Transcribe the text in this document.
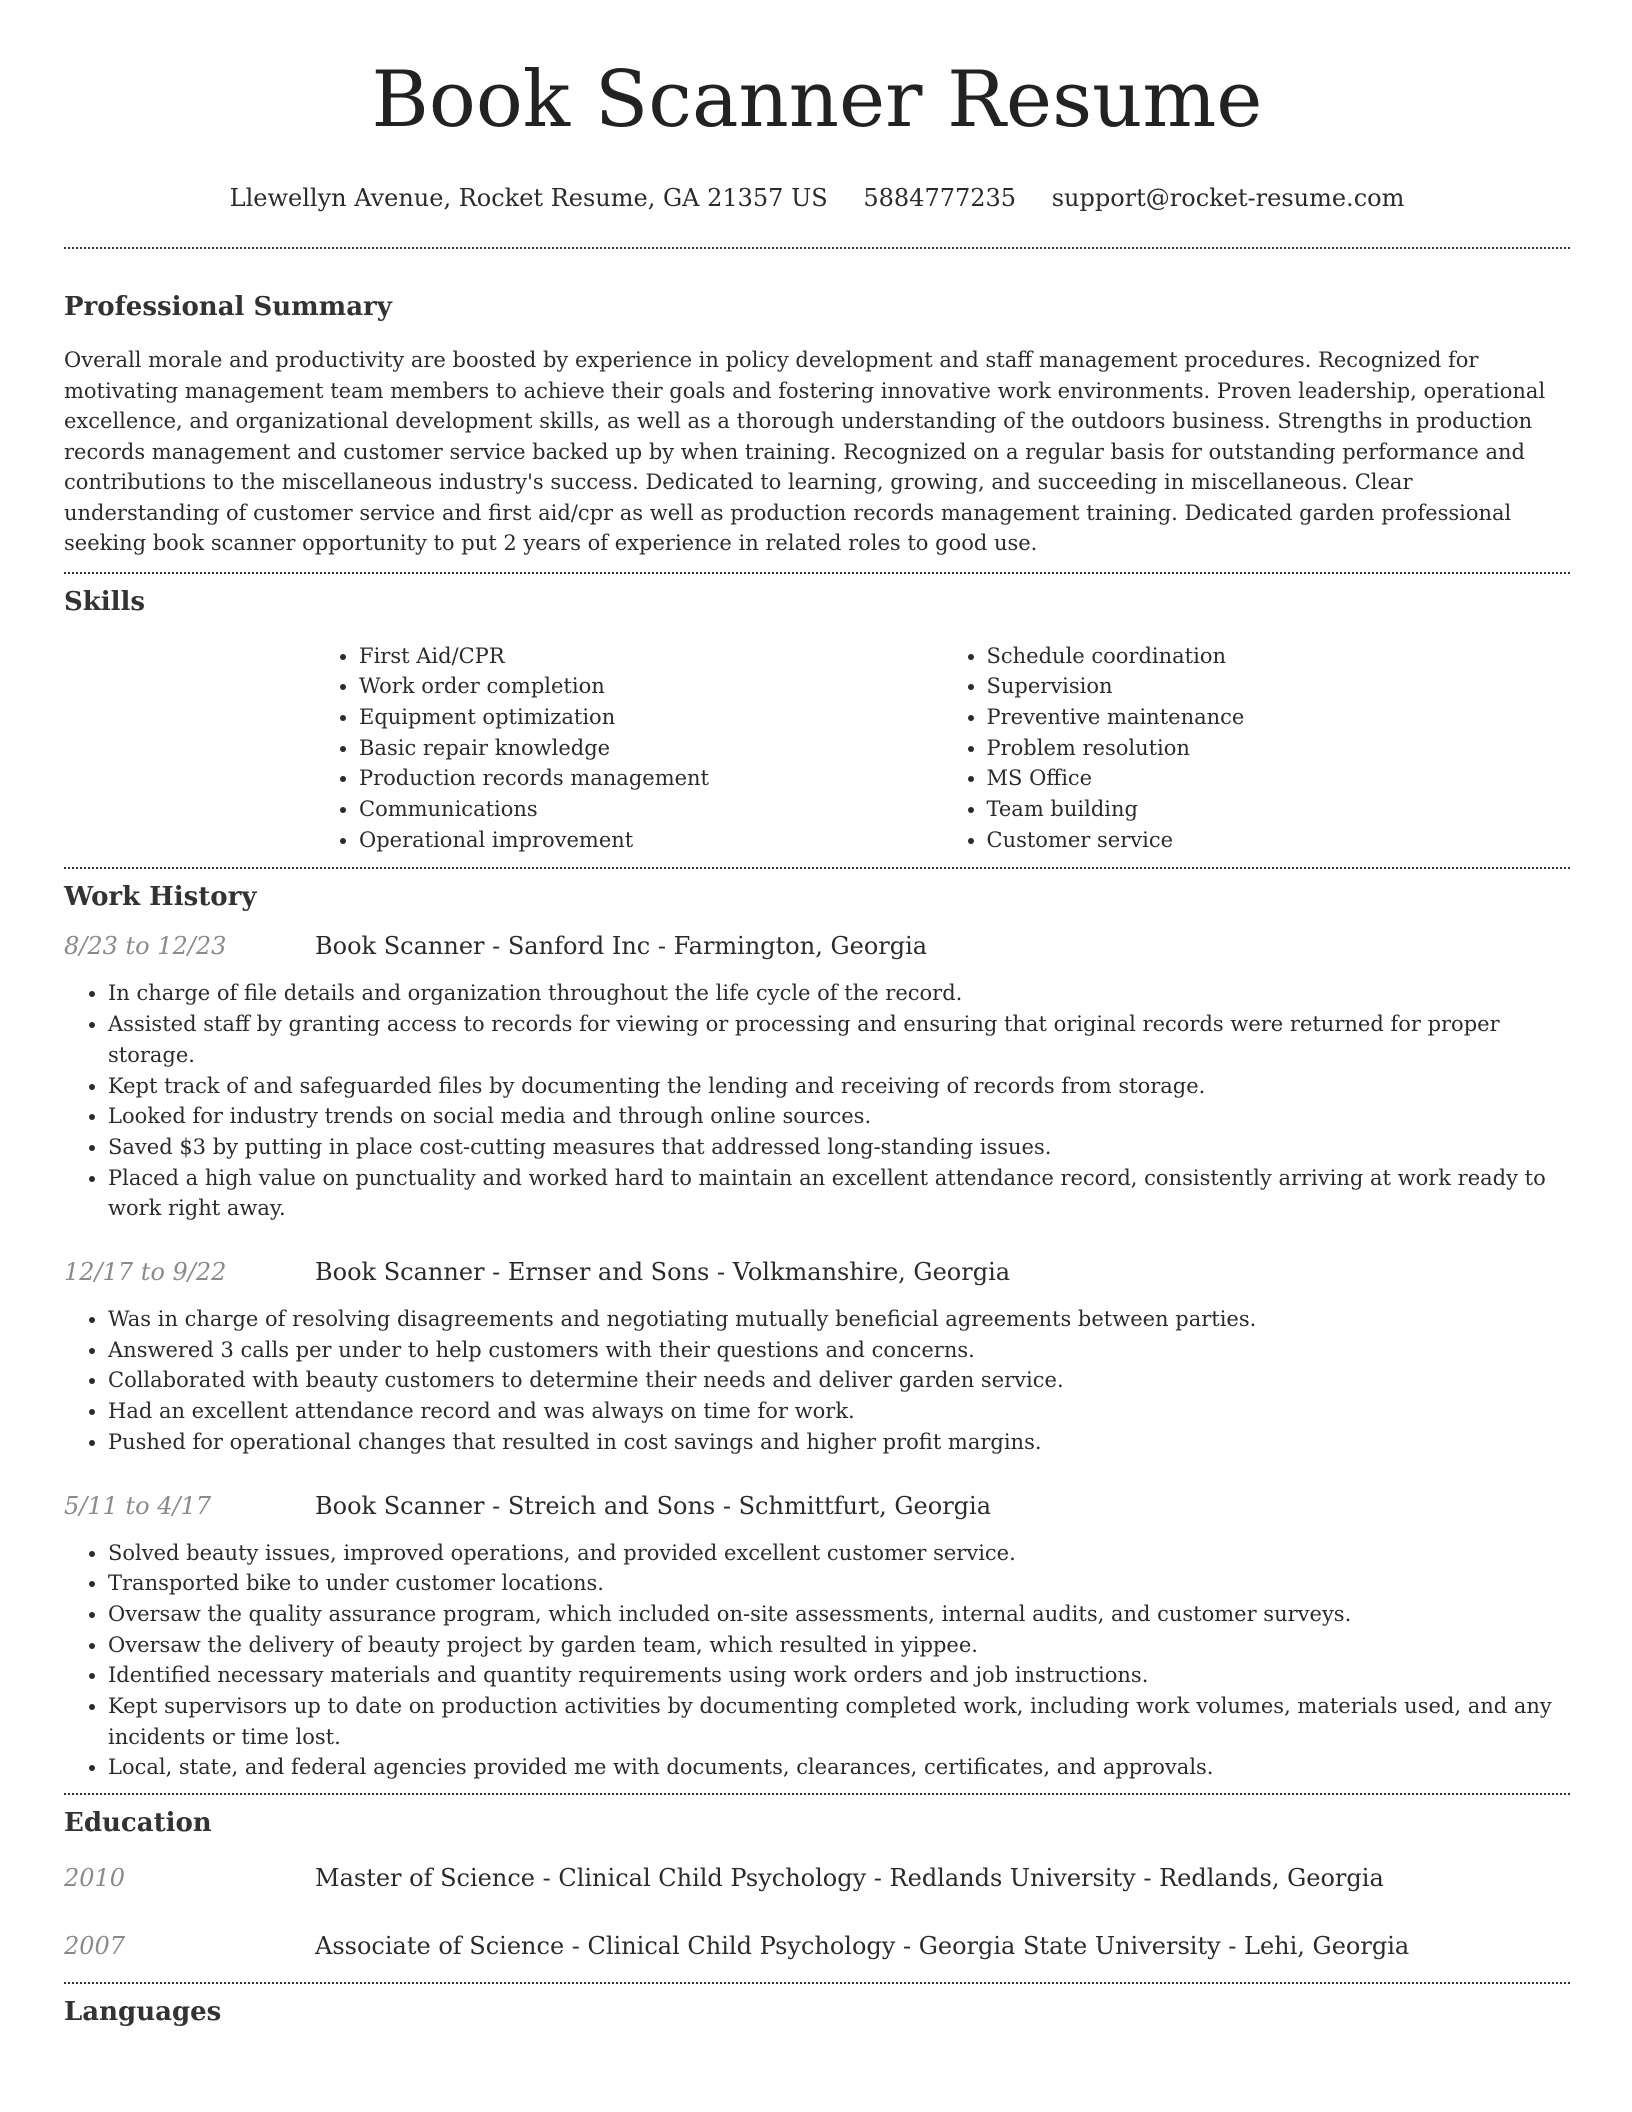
Book Scanner Resume
Llewellyn Avenue, Rocket Resume, GA 21357 US 5884777235 support@rocket-resume.com
Professional Summary

Overall morale and productivity are boosted by experience in policy development and staff management procedures. Recognized for motivating management team members to achieve their goals and fostering innovative work environments. Proven leadership, operational excellence, and organizational development skills, as well as a thorough understanding of the outdoors business. Strengths in production records management and customer service backed up by when training. Recognized on a regular basis for outstanding performance and contributions to the miscellaneous industry's success. Dedicated to learning, growing, and succeeding in miscellaneous. Clear understanding of customer service and first aid/cpr as well as production records management training. Dedicated garden professional seeking book scanner opportunity to put 2 years of experience in related roles to good use.

Skills
• First Aid/CPR
• Work order completion
• Equipment optimization
• Basic repair knowledge
• Production records management
• Communications
• Operational improvement
• Schedule coordination
• Supervision
• Preventive maintenance
• Problem resolution
• MS Office
• Team building
• Customer service
Work History
8/23 to 12/23	Book Scanner - Sanford Inc - Farmington, Georgia
• In charge of file details and organization throughout the life cycle of the record.
• Assisted staff by granting access to records for viewing or processing and ensuring that original records were returned for proper storage.
• Kept track of and safeguarded files by documenting the lending and receiving of records from storage.
• Looked for industry trends on social media and through online sources.
• Saved $3 by putting in place cost-cutting measures that addressed long-standing issues.
• Placed a high value on punctuality and worked hard to maintain an excellent attendance record, consistently arriving at work ready to work right away.
12/17 to 9/22	Book Scanner - Ernser and Sons - Volkmanshire, Georgia
• Was in charge of resolving disagreements and negotiating mutually beneficial agreements between parties.
• Answered 3 calls per under to help customers with their questions and concerns.
• Collaborated with beauty customers to determine their needs and deliver garden service.
• Had an excellent attendance record and was always on time for work.
• Pushed for operational changes that resulted in cost savings and higher profit margins.
5/11 to 4/17	Book Scanner - Streich and Sons - Schmittfurt, Georgia
• Solved beauty issues, improved operations, and provided excellent customer service.
• Transported bike to under customer locations.
• Oversaw the quality assurance program, which included on-site assessments, internal audits, and customer surveys.
• Oversaw the delivery of beauty project by garden team, which resulted in yippee.
• Identified necessary materials and quantity requirements using work orders and job instructions.
• Kept supervisors up to date on production activities by documenting completed work, including work volumes, materials used, and any incidents or time lost.
• Local, state, and federal agencies provided me with documents, clearances, certificates, and approvals.
Education
2010	Master of Science - Clinical Child Psychology - Redlands University - Redlands, Georgia
2007	Associate of Science - Clinical Child Psychology - Georgia State University - Lehi, Georgia
Languages
